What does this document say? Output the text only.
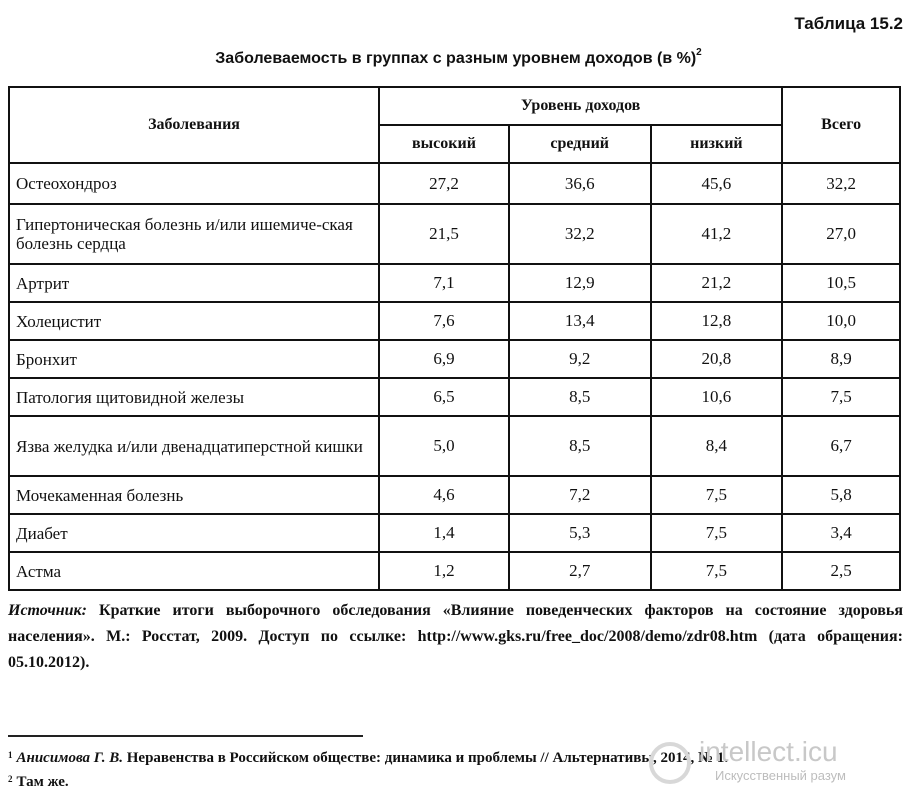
Таблица 15.2
Заболеваемость в группах с разным уровнем доходов (в %)$^2$
Заболевания	Уровень доходов			Всего
	высокий	средний	низкий	
Остеохондроз	27,2	36,6	45,6	32,2
Гипертоническая болезнь и/или ишемиче-ская болезнь сердца	21,5	32,2	41,2	27,0
Артрит	7,1	12,9	21,2	10,5
Холецистит	7,6	13,4	12,8	10,0
Бронхит	6,9	9,2	20,8	8,9
Патология щитовидной железы	6,5	8,5	10,6	7,5
Язва желудка и/или двенадцатиперстной кишки	5,0	8,5	8,4	6,7
Мочекаменная болезнь	4,6	7,2	7,5	5,8
Диабет	1,4	5,3	7,5	3,4
Астма	1,2	2,7	7,5	2,5
Источник: Краткие итоги выборочного обследования «Влияние поведенческих факторов на состояние здоровья населения». М.: Росстат, 2009. Доступ по ссылке: http://www.gks.ru/free_doc/2008/demo/zdr08.htm (дата обращения: 05.10.2012).
$^1$ Анисимова Г. В. Неравенства в Российском обществе: динамика и проблемы // Альтернативы, 2014, № 1.
$^2$ Там же.
intellect.icu
Искусственный разум
